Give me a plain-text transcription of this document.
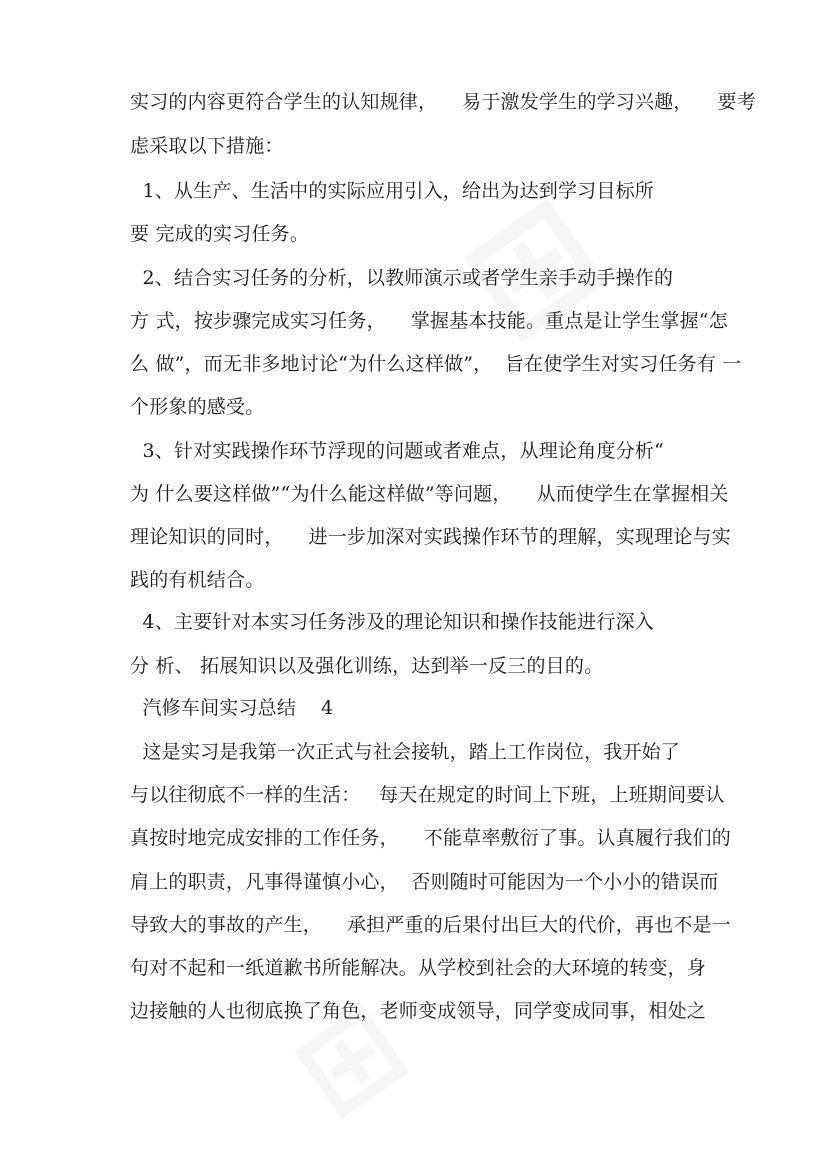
实习的内容更符合学生的认知规律，    易于激发学生的学习兴趣，    要考
虑采取以下措施：
1、从生产、生活中的实际应用引入，给出为达到学习目标所
要 完成的实习任务。
2、结合实习任务的分析，以教师演示或者学生亲手动手操作的
方 式，按步骤完成实习任务，    掌握基本技能。重点是让学生掌握“怎
么 做”，而无非多地讨论“为什么这样做”，  旨在使学生对实习任务有 一
个形象的感受。
3、针对实践操作环节浮现的问题或者难点，从理论角度分析“
为 什么要这样做”“为什么能这样做”等问题，    从而使学生在掌握相关
理论知识的同时，    进一步加深对实践操作环节的理解，实现理论与实
践的有机结合。
4、主要针对本实习任务涉及的理论知识和操作技能进行深入
分 析、 拓展知识以及强化训练，达到举一反三的目的。
汽修车间实习总结    4
这是实习是我第一次正式与社会接轨，踏上工作岗位，我开始了
与以往彻底不一样的生活：   每天在规定的时间上下班，上班期间要认
真按时地完成安排的工作任务，    不能草率敷衍了事。认真履行我们的
肩上的职责，凡事得谨慎小心，  否则随时可能因为一个小小的错误而
导致大的事故的产生，    承担严重的后果付出巨大的代价，再也不是一
句对不起和一纸道歉书所能解决。从学校到社会的大环境的转变，身
边接触的人也彻底换了角色，老师变成领导，同学变成同事，相处之
